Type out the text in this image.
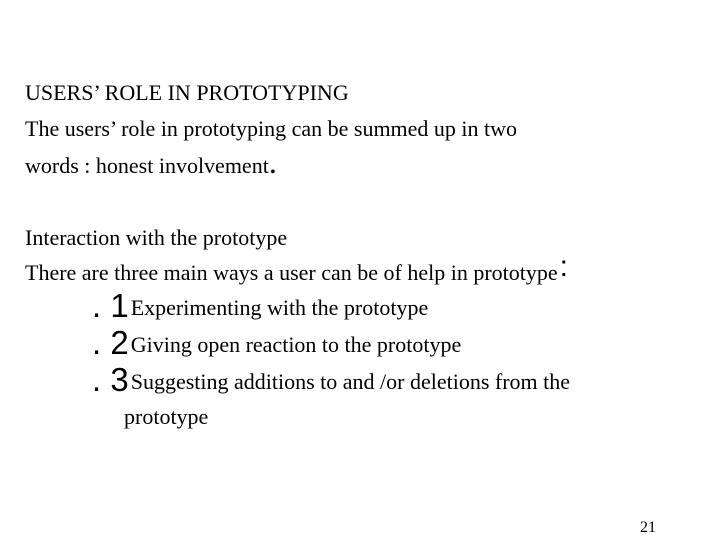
USERS’ ROLE IN PROTOTYPING
The users’ role in prototyping can be summed up in two
words : honest involvement.
Interaction with the prototype
There are three main ways a user can be of help in prototype:
. 1Experimenting with the prototype
. 2Giving open reaction to the prototype
. 3Suggesting additions to and /or deletions from the
prototype
21
